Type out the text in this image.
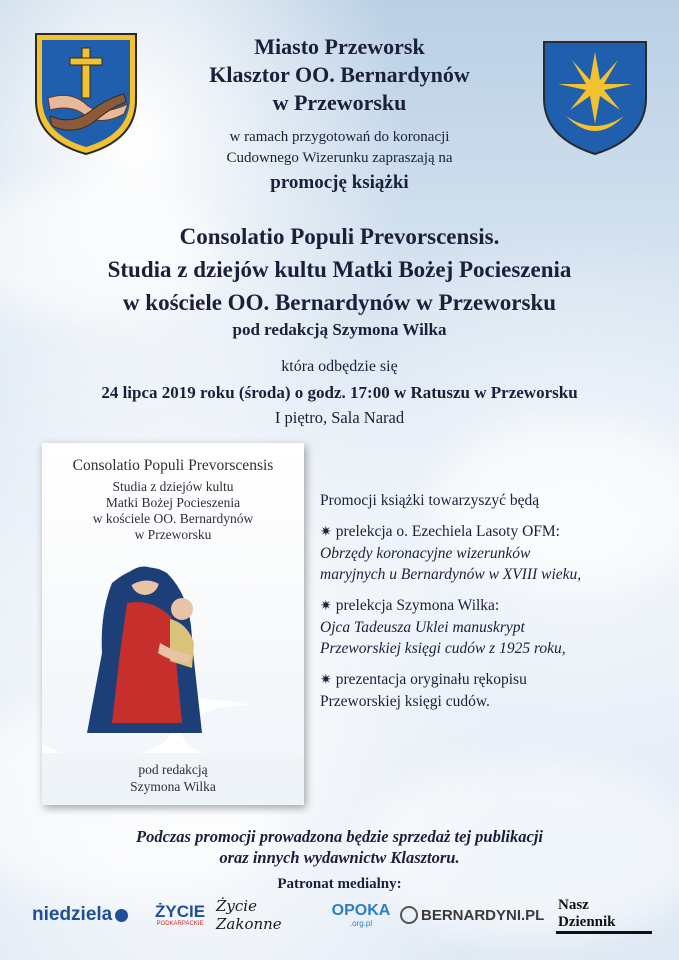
Miasto Przeworsk
Klasztor OO. Bernardynów
w Przeworsku
w ramach przygotowań do koronacji
Cudownego Wizerunku zapraszają na
promocję książki
Consolatio Populi Prevorscensis.
Studia z dziejów kultu Matki Bożej Pocieszenia
w kościele OO. Bernardynów w Przeworsku
pod redakcją Szymona Wilka
która odbędzie się
24 lipca 2019 roku (środa) o godz. 17:00 w Ratuszu w Przeworsku
I piętro, Sala Narad
Consolatio Populi Prevorscensis
Studia z dziejów kultu
Matki Bożej Pocieszenia
w kościele OO. Bernardynów
w Przeworsku
pod redakcją
Szymona Wilka
Promocji książki towarzyszyć będą
✷ prelekcja o. Ezechiela Lasoty OFM:
Obrzędy koronacyjne wizerunków
maryjnych u Bernardynów w XVIII wieku,
✷ prelekcja Szymona Wilka:
Ojca Tadeusza Uklei manuskrypt
Przeworskiej księgi cudów z 1925 roku,
✷ prezentacja oryginału rękopisu
Przeworskiej księgi cudów.
Podczas promocji prowadzona będzie sprzedaż tej publikacji
oraz innych wydawnictw Klasztoru.
Patronat medialny:
niedziela	ŻYCIE
PODKARPACKIE
Życie Zakonne
OPOKA
.org.pl	BERNARDYNI.PL
Nasz Dziennik
